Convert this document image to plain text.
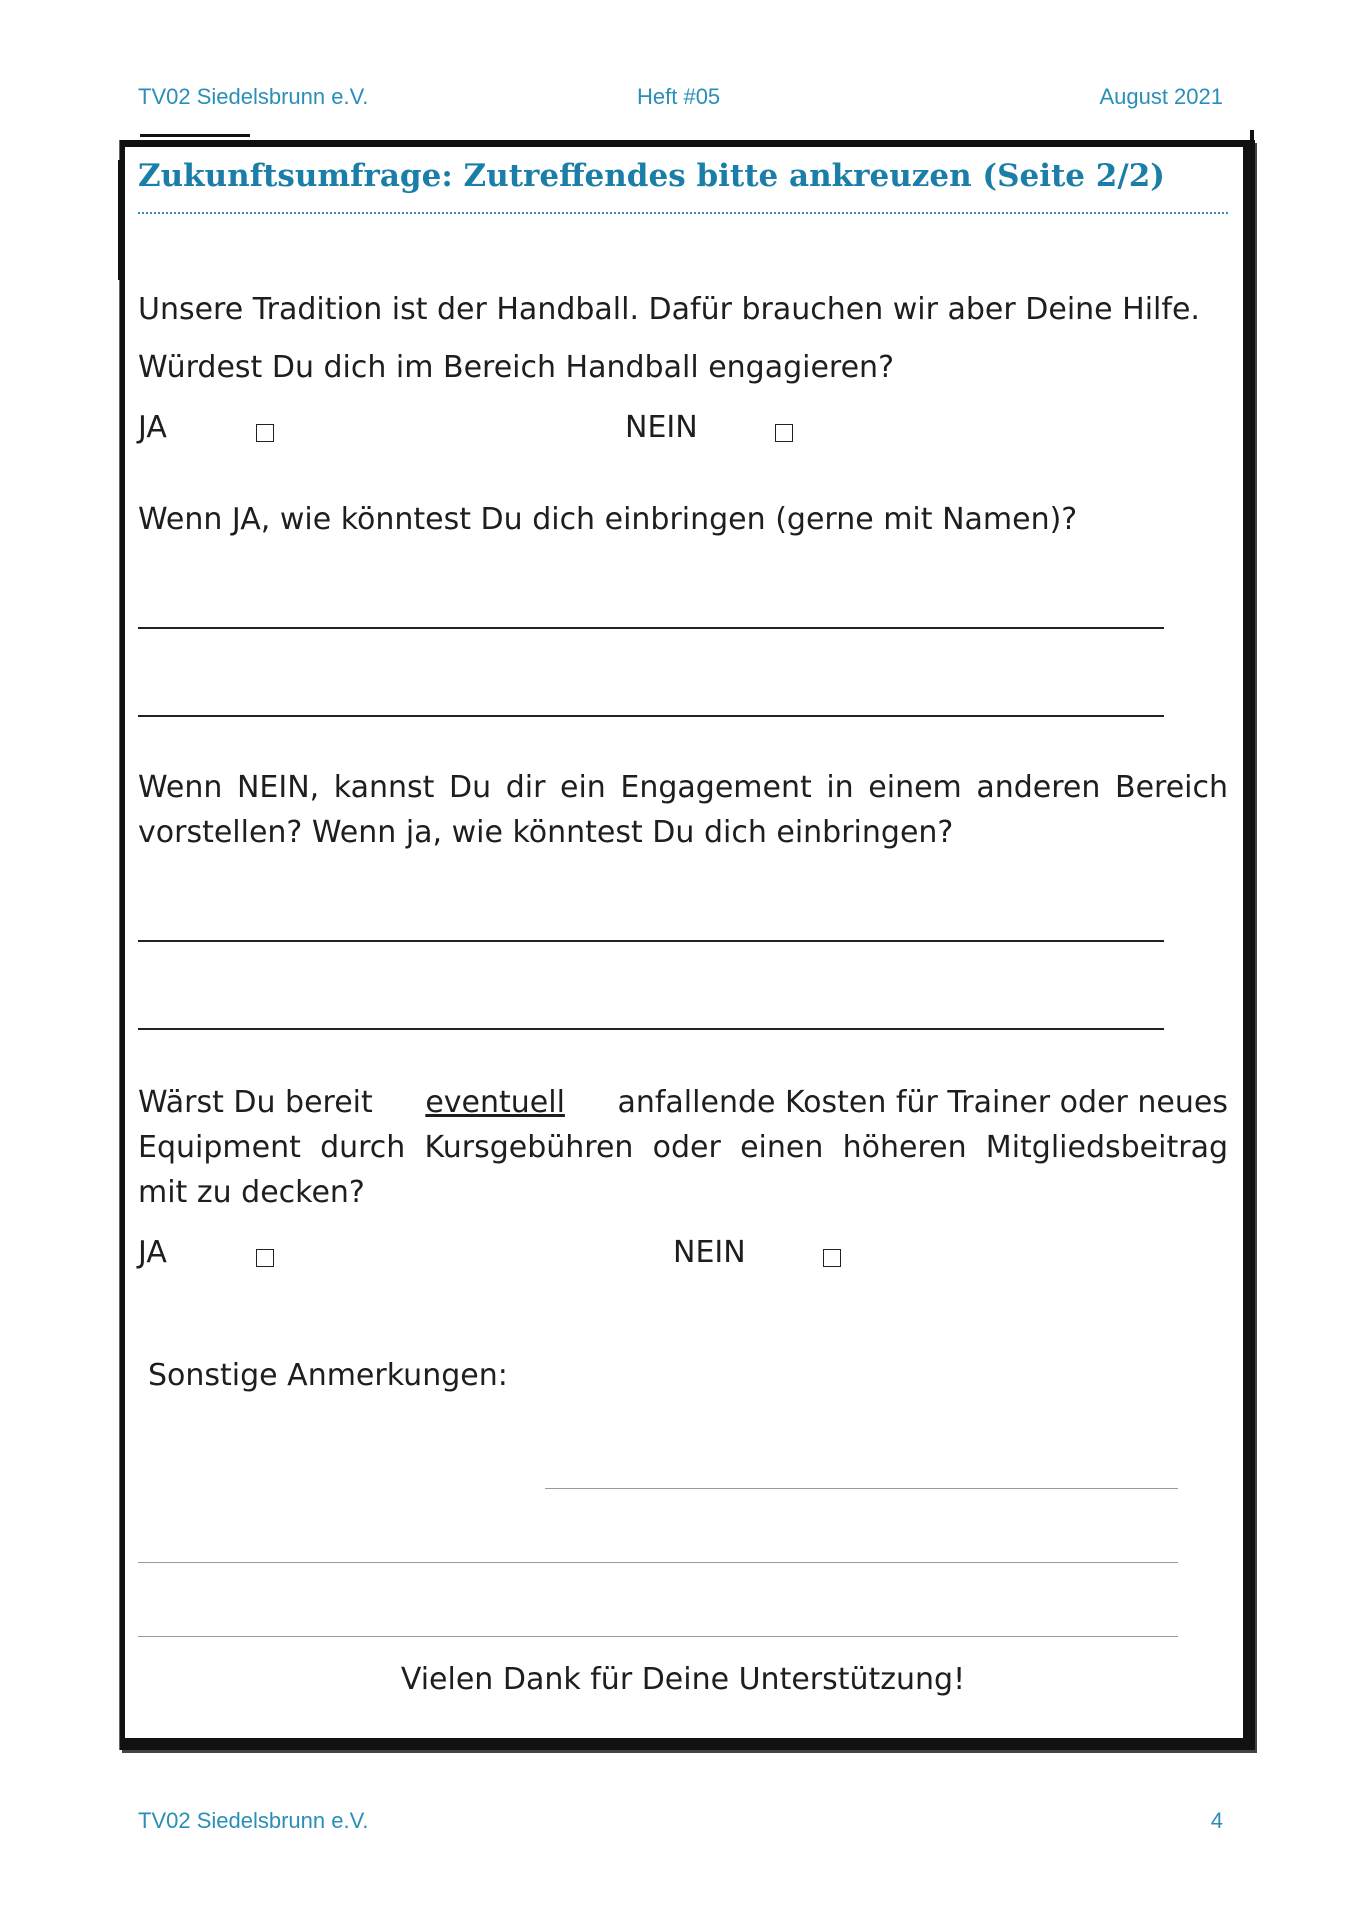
TV02 Siedelsbrunn e.V.	Heft #05	August 2021
Zukunftsumfrage: Zutreffendes bitte ankreuzen (Seite 2/2)
Unsere Tradition ist der Handball. Dafür brauchen wir aber Deine Hilfe.
Würdest Du dich im Bereich Handball engagieren?
JA	NEIN
Wenn JA, wie könntest Du dich einbringen (gerne mit Namen)?
Wenn NEIN, kannst Du dir ein Engagement in einem anderen Bereich
vorstellen? Wenn ja, wie könntest Du dich einbringen?
Wärst Du bereit eventuell anfallende Kosten für Trainer oder neues
Equipment durch Kursgebühren oder einen höheren Mitgliedsbeitrag
mit zu decken?
JA	NEIN
Sonstige Anmerkungen:
Vielen Dank für Deine Unterstützung!
TV02 Siedelsbrunn e.V.	4
